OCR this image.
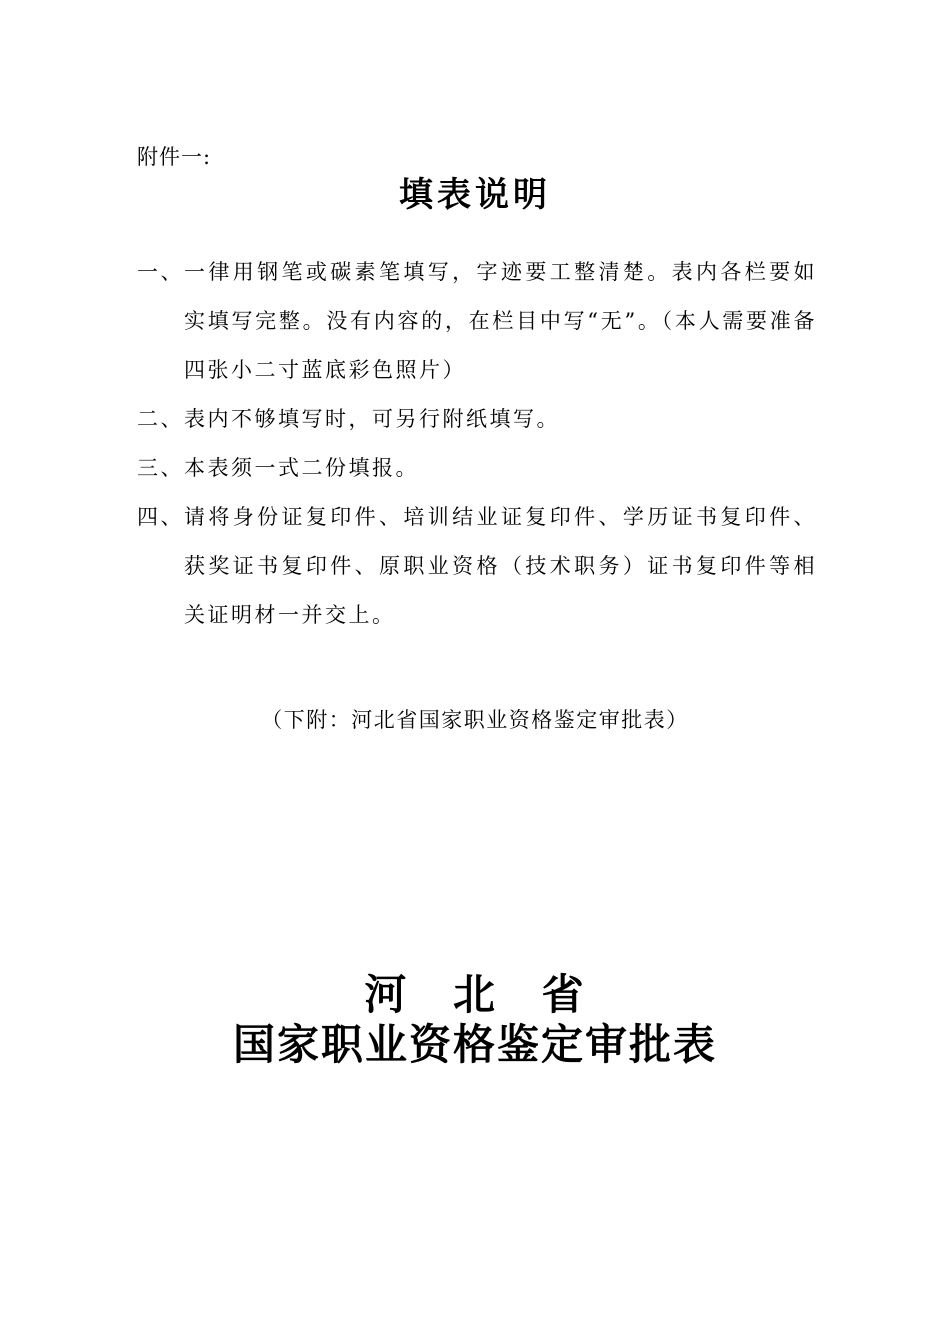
附件一:
填表说明
一、 一律用钢笔或碳素笔填写，字迹要工整清楚。表内各栏要如实填写完整。没有内容的，在栏目中写“无”。（本人需要准备四张小二寸蓝底彩色照片）
二、 表内不够填写时，可另行附纸填写。
三、 本表须一式二份填报。
四、 请将身份证复印件、培训结业证复印件、学历证书复印件、获奖证书复印件、原职业资格（技术职务）证书复印件等相关证明材一并交上。
（下附：河北省国家职业资格鉴定审批表）
河 北 省
国家职业资格鉴定审批表
